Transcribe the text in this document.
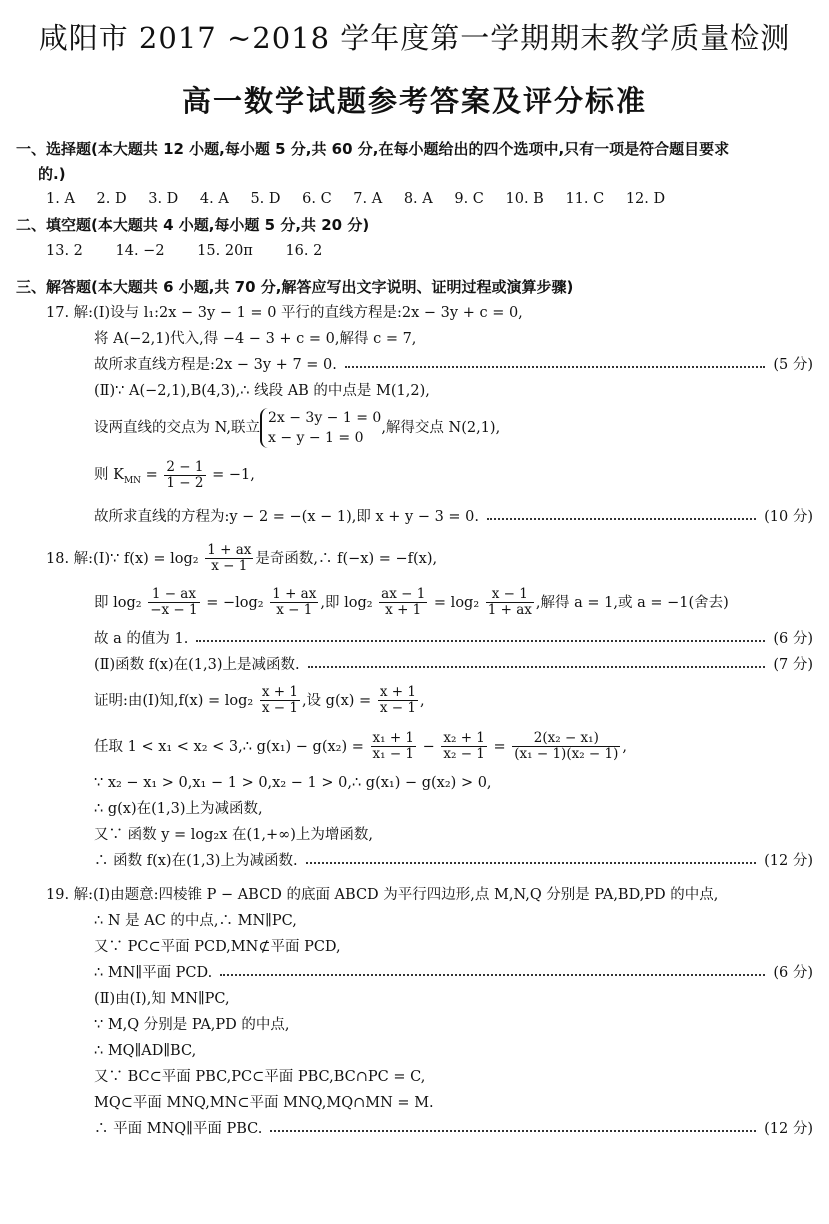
咸阳市 2017 ~2018 学年度第一学期期末教学质量检测
高一数学试题参考答案及评分标准
一、选择题(本大题共 12 小题,每小题 5 分,共 60 分,在每小题给出的四个选项中,只有一项是符合题目要求
的.)
1. A 2. D 3. D 4. A 5. D 6. C 7. A 8. A 9. C 10. B 11. C 12. D
二、填空题(本大题共 4 小题,每小题 5 分,共 20 分)
13. 2 14. −2 15. 20π 16. 2
三、解答题(本大题共 6 小题,共 70 分,解答应写出文字说明、证明过程或演算步骤)
17. 解:(Ⅰ)设与 l₁:2x − 3y − 1 = 0 平行的直线方程是:2x − 3y + c = 0,
将 A(−2,1)代入,得 −4 − 3 + c = 0,解得 c = 7,
故所求直线方程是:2x − 3y + 7 = 0.	(5 分)
(Ⅱ)∵ A(−2,1),B(4,3),∴ 线段 AB 的中点是 M(1,2),
设两直线的交点为 N,联立
2x − 3y − 1 = 0
x − y − 1 = 0
,解得交点 N(2,1),
则 $K_{MN} = \frac{2 - 1}{1 - 2} = -1$,
故所求直线的方程为:y − 2 = −(x − 1),即 x + y − 3 = 0.	(10 分)
18. 解:(Ⅰ)∵ $f(x) = \log_2 \frac{1 + ax}{x - 1}$ 是奇函数,∴ f(−x) = −f(x),
即 $\log_2 \frac{1 - ax}{-x - 1} = -\log_2 \frac{1 + ax}{x - 1}$ ,即 $\log_2 \frac{ax - 1}{x + 1} = \log_2 \frac{x - 1}{1 + ax}$ ,解得 a = 1,或 a = −1(舍去)
故 a 的值为 1.	(6 分)
(Ⅱ)函数 f(x)在(1,3)上是减函数.	(7 分)
证明:由(Ⅰ)知$,f(x) = \log_2 \frac{x + 1}{x - 1}$ ,设 $g(x) = \frac{x + 1}{x - 1}$ ,
任取 1 < x₁ < x₂ < 3,∴ $g(x_1) - g(x_2) = \frac{\text{x₁ + 1}}{\text{x₁ − 1}} - \frac{\text{x₂ + 1}}{\text{x₂ − 1}} = \frac{\text{2(x₂ − x₁)}}{\text{(x₁ − 1)(x₂ − 1)}}$ ,
∵ x₂ − x₁ > 0,x₁ − 1 > 0,x₂ − 1 > 0,∴ g(x₁) − g(x₂) > 0,
∴ g(x)在(1,3)上为减函数,
又∵ 函数 y = log₂x 在(1,+∞)上为增函数,
∴ 函数 f(x)在(1,3)上为减函数.	(12 分)
19. 解:(Ⅰ)由题意:四棱锥 P − ABCD 的底面 ABCD 为平行四边形,点 M,N,Q 分别是 PA,BD,PD 的中点,
∴ N 是 AC 的中点,∴ MN∥PC,
又∵ PC⊂平面 PCD,MN⊄平面 PCD,
∴ MN∥平面 PCD.	(6 分)
(Ⅱ)由(Ⅰ),知 MN∥PC,
∵ M,Q 分别是 PA,PD 的中点,
∴ MQ∥AD∥BC,
又∵ BC⊂平面 PBC,PC⊂平面 PBC,BC∩PC = C,
MQ⊂平面 MNQ,MN⊂平面 MNQ,MQ∩MN = M.
∴ 平面 MNQ∥平面 PBC.	(12 分)
